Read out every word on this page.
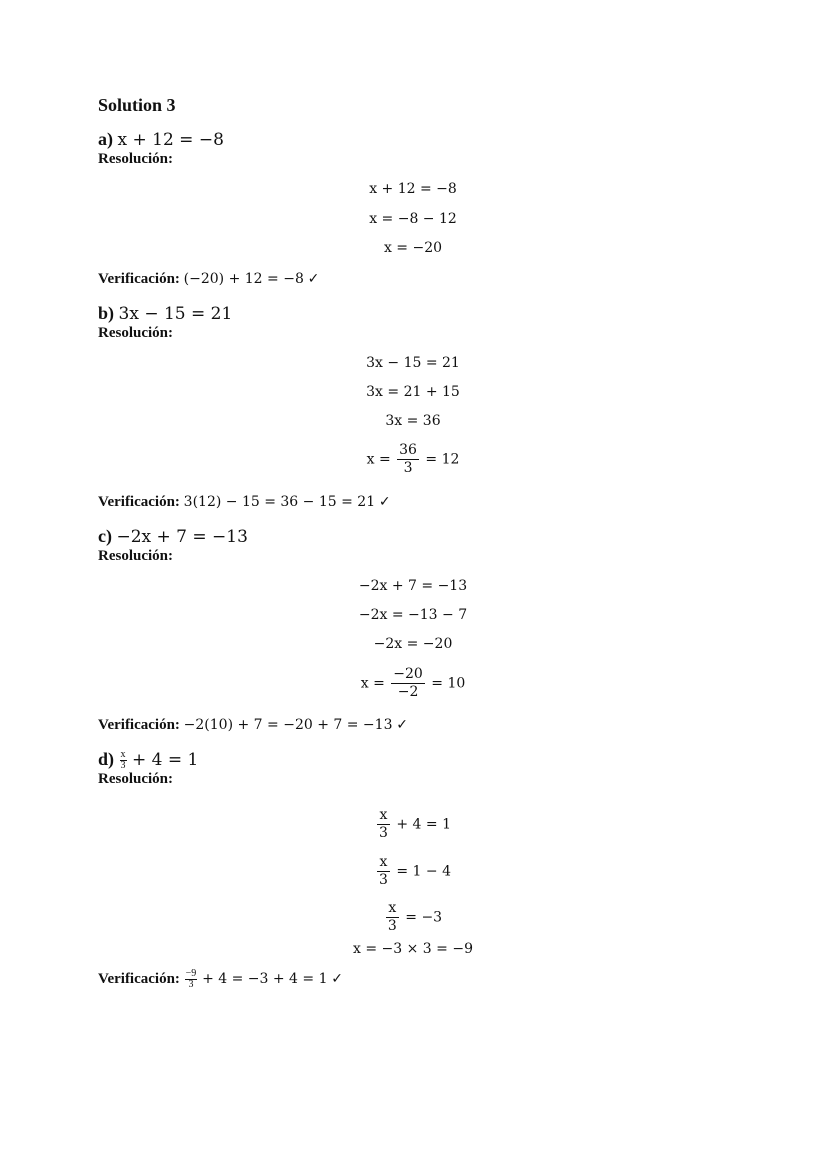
Solution 3
a) x + 12 = −8
Resolución:
x + 12 = −8
x = −8 − 12
x = −20
Verificación: (−20) + 12 = −8 ✓
b) 3x − 15 = 21
Resolución:
3x − 15 = 21
3x = 21 + 15
3x = 36
$x = \frac{36}{3} = 12$
Verificación: 3(12) − 15 = 36 − 15 = 21 ✓
c) −2x + 7 = −13
Resolución:
−2x + 7 = −13
−2x = −13 − 7
−2x = −20
$x = \frac{-20}{-2} = 10$
Verificación: −2(10) + 7 = −20 + 7 = −13 ✓
$d) \frac{x}{3} + 4 = 1$
Resolución:
$\frac{x}{3} + 4 = 1$
$\frac{x}{3} = 1 - 4$
$\frac{x}{3} = -3$
x = −3 × 3 = −9
Verificación: $\frac{-9}{3} + 4 = -3 + 4 = 1$ ✓
